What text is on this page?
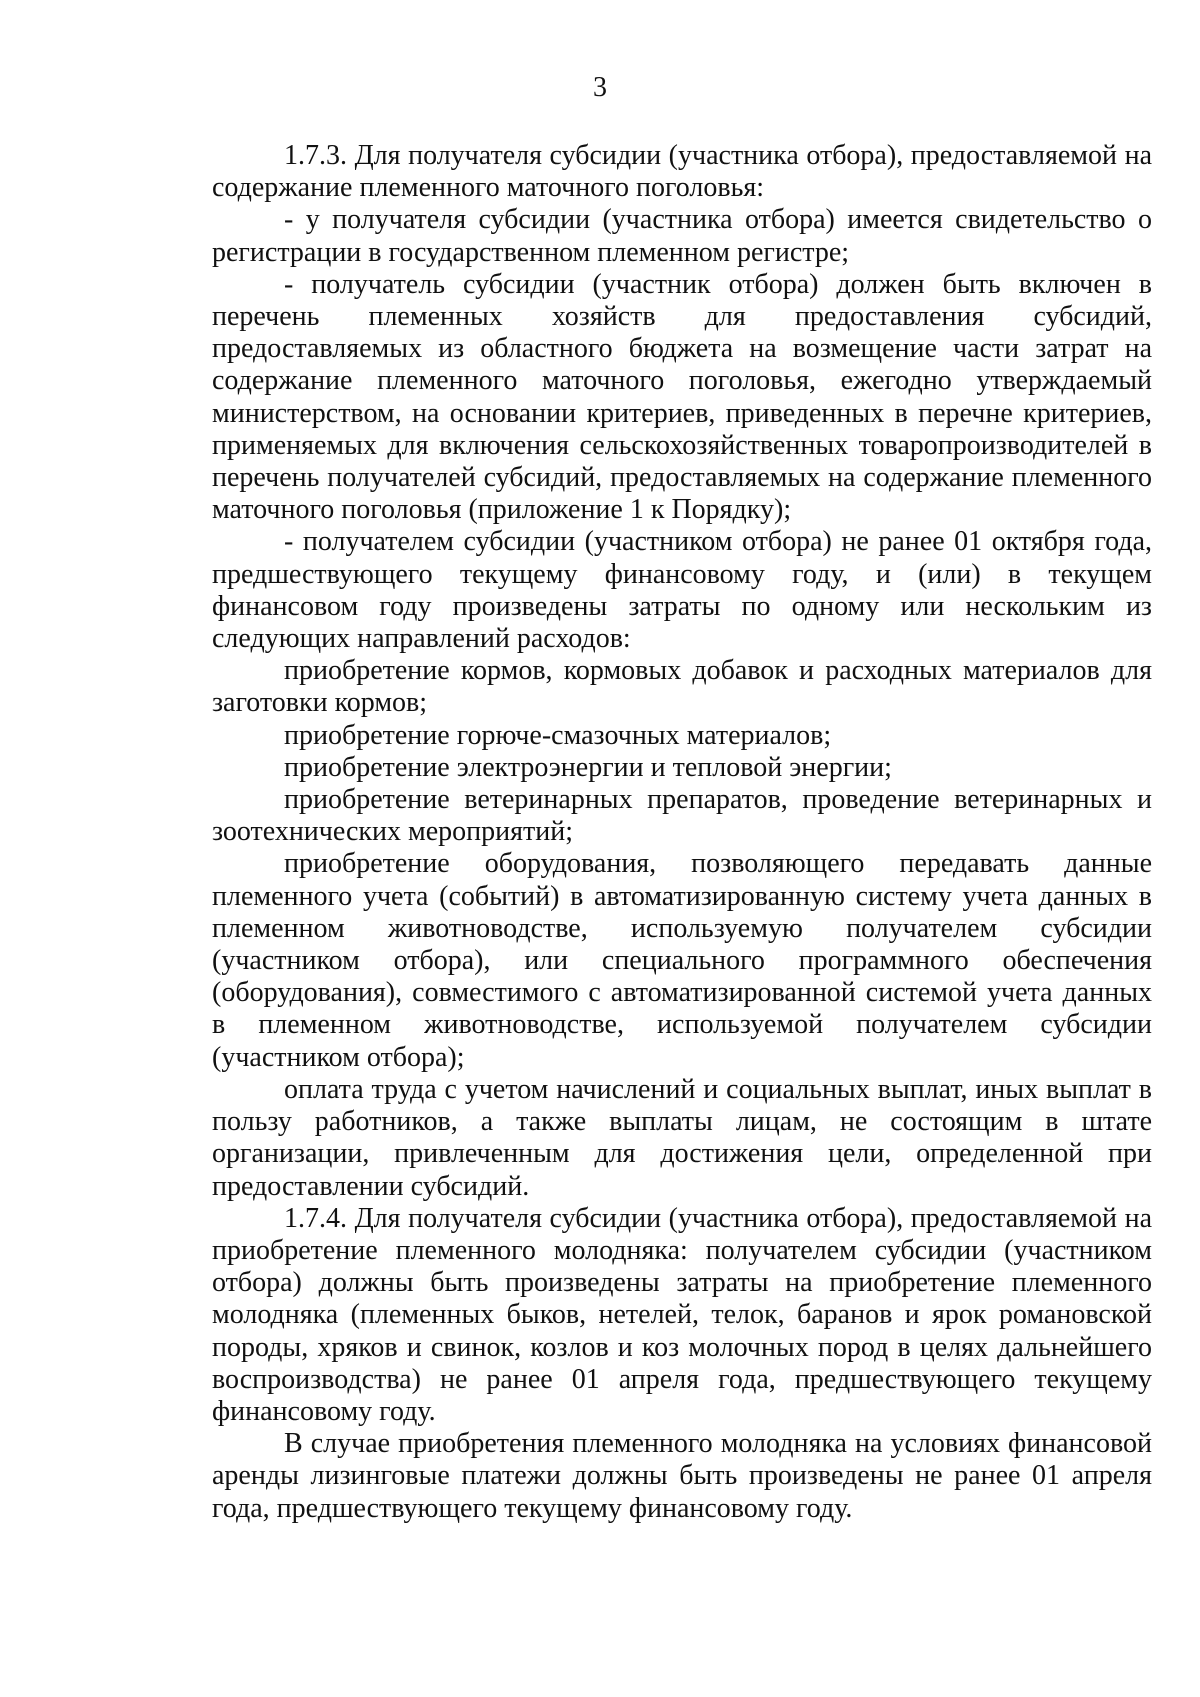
3

1.7.3. Для получателя субсидии (участника отбора), предоставляемой на содержание племенного маточного поголовья:

- у получателя субсидии (участника отбора) имеется свидетельство о регистрации в государственном племенном регистре;

- получатель субсидии (участник отбора) должен быть включен в перечень племенных хозяйств для предоставления субсидий, предоставляемых из областного бюджета на возмещение части затрат на содержание племенного маточного поголовья, ежегодно утверждаемый министерством, на основании критериев, приведенных в перечне критериев, применяемых для включения сельскохозяйственных товаропроизводителей в перечень получателей субсидий, предоставляемых на содержание племенного маточного поголовья (приложение 1 к Порядку);

- получателем субсидии (участником отбора) не ранее 01 октября года, предшествующего текущему финансовому году, и (или) в текущем финансовом году произведены затраты по одному или нескольким из следующих направлений расходов:

приобретение кормов, кормовых добавок и расходных материалов для заготовки кормов;

приобретение горюче-смазочных материалов;

приобретение электроэнергии и тепловой энергии;

приобретение ветеринарных препаратов, проведение ветеринарных и зоотехнических мероприятий;

приобретение оборудования, позволяющего передавать данные племенного учета (событий) в автоматизированную систему учета данных в племенном животноводстве, используемую получателем субсидии (участником отбора), или специального программного обеспечения (оборудования), совместимого с автоматизированной системой учета данных в племенном животноводстве, используемой получателем субсидии (участником отбора);

оплата труда с учетом начислений и социальных выплат, иных выплат в пользу работников, а также выплаты лицам, не состоящим в штате организации, привлеченным для достижения цели, определенной при предоставлении субсидий.

1.7.4. Для получателя субсидии (участника отбора), предоставляемой на приобретение племенного молодняка: получателем субсидии (участником отбора) должны быть произведены затраты на приобретение племенного молодняка (племенных быков, нетелей, телок, баранов и ярок романовской породы, хряков и свинок, козлов и коз молочных пород в целях дальнейшего воспроизводства) не ранее 01 апреля года, предшествующего текущему финансовому году.

В случае приобретения племенного молодняка на условиях финансовой аренды лизинговые платежи должны быть произведены не ранее 01 апреля года, предшествующего текущему финансовому году.
